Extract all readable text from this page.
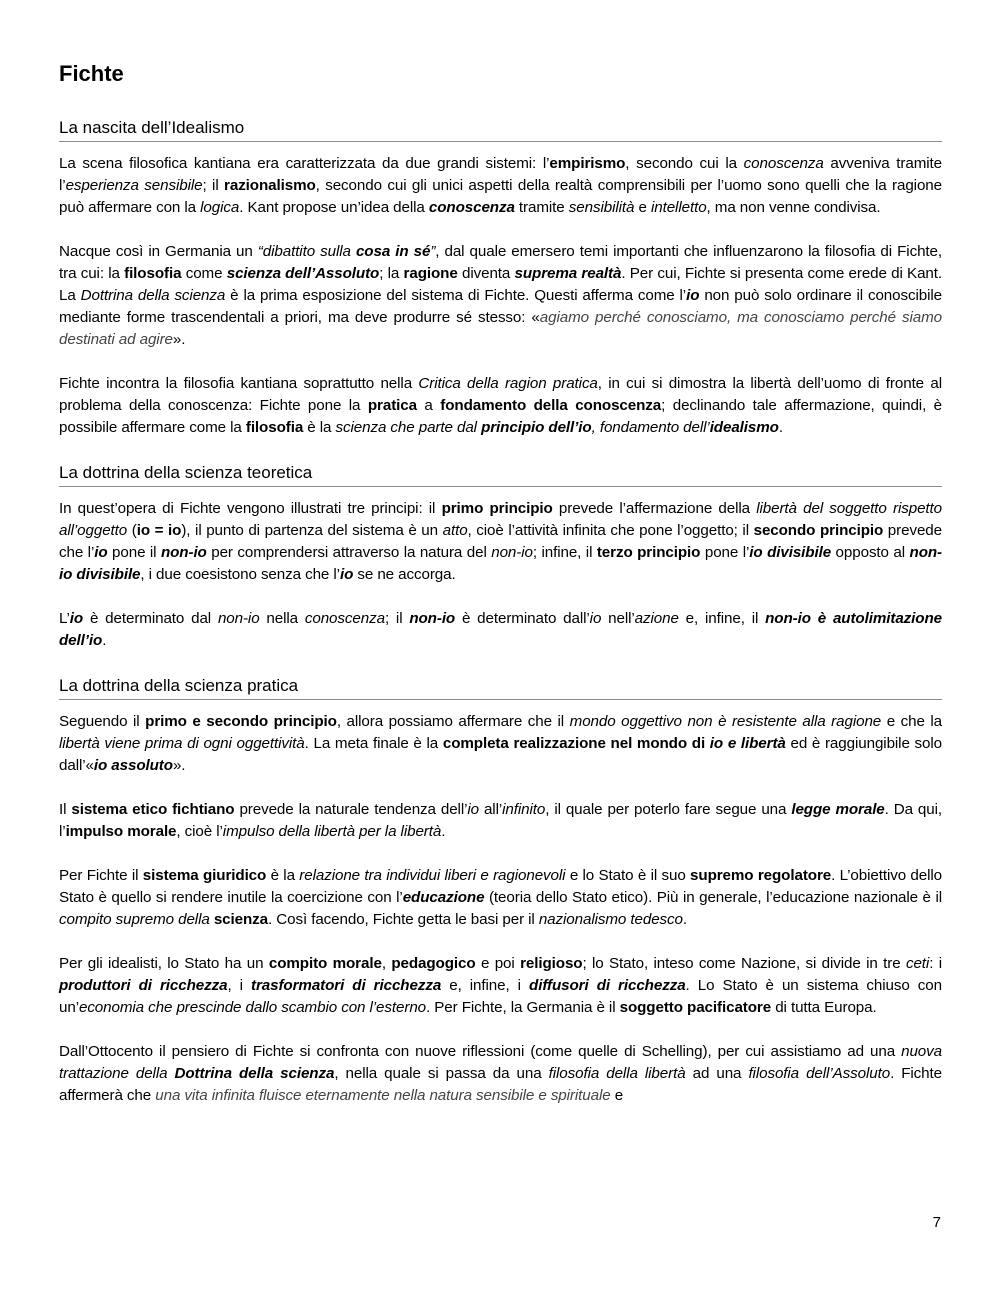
Fichte
La nascita dell’Idealismo

La scena filosofica kantiana era caratterizzata da due grandi sistemi: l’empirismo, secondo cui la conoscenza avveniva tramite l’esperienza sensibile; il razionalismo, secondo cui gli unici aspetti della realtà comprensibili per l’uomo sono quelli che la ragione può affermare con la logica. Kant propose un’idea della conoscenza tramite sensibilità e intelletto, ma non venne condivisa.

Nacque così in Germania un “dibattito sulla cosa in sé”, dal quale emersero temi importanti che influenzarono la filosofia di Fichte, tra cui: la filosofia come scienza dell’Assoluto; la ragione diventa suprema realtà. Per cui, Fichte si presenta come erede di Kant. La Dottrina della scienza è la prima esposizione del sistema di Fichte. Questi afferma come l’io non può solo ordinare il conoscibile mediante forme trascendentali a priori, ma deve produrre sé stesso: «agiamo perché conosciamo, ma conosciamo perché siamo destinati ad agire».

Fichte incontra la filosofia kantiana soprattutto nella Critica della ragion pratica, in cui si dimostra la libertà dell’uomo di fronte al problema della conoscenza: Fichte pone la pratica a fondamento della conoscenza; declinando tale affermazione, quindi, è possibile affermare come la filosofia è la scienza che parte dal principio dell’io, fondamento dell’idealismo.

La dottrina della scienza teoretica

In quest’opera di Fichte vengono illustrati tre principi: il primo principio prevede l’affermazione della libertà del soggetto rispetto all’oggetto (io = io), il punto di partenza del sistema è un atto, cioè l’attività infinita che pone l’oggetto; il secondo principio prevede che l’io pone il non-io per comprendersi attraverso la natura del non-io; infine, il terzo principio pone l’io divisibile opposto al non-io divisibile, i due coesistono senza che l’io se ne accorga.

L’io è determinato dal non-io nella conoscenza; il non-io è determinato dall’io nell’azione e, infine, il non-io è autolimitazione dell’io.

La dottrina della scienza pratica

Seguendo il primo e secondo principio, allora possiamo affermare che il mondo oggettivo non è resistente alla ragione e che la libertà viene prima di ogni oggettività. La meta finale è la completa realizzazione nel mondo di io e libertà ed è raggiungibile solo dall’«io assoluto».

Il sistema etico fichtiano prevede la naturale tendenza dell’io all’infinito, il quale per poterlo fare segue una legge morale. Da qui, l’impulso morale, cioè l’impulso della libertà per la libertà.

Per Fichte il sistema giuridico è la relazione tra individui liberi e ragionevoli e lo Stato è il suo supremo regolatore. L’obiettivo dello Stato è quello si rendere inutile la coercizione con l’educazione (teoria dello Stato etico). Più in generale, l’educazione nazionale è il compito supremo della scienza. Così facendo, Fichte getta le basi per il nazionalismo tedesco.

Per gli idealisti, lo Stato ha un compito morale, pedagogico e poi religioso; lo Stato, inteso come Nazione, si divide in tre ceti: i produttori di ricchezza, i trasformatori di ricchezza e, infine, i diffusori di ricchezza. Lo Stato è un sistema chiuso con un’economia che prescinde dallo scambio con l’esterno. Per Fichte, la Germania è il soggetto pacificatore di tutta Europa.

Dall’Ottocento il pensiero di Fichte si confronta con nuove riflessioni (come quelle di Schelling), per cui assistiamo ad una nuova trattazione della Dottrina della scienza, nella quale si passa da una filosofia della libertà ad una filosofia dell’Assoluto. Fichte affermerà che una vita infinita fluisce eternamente nella natura sensibile e spirituale e

7
